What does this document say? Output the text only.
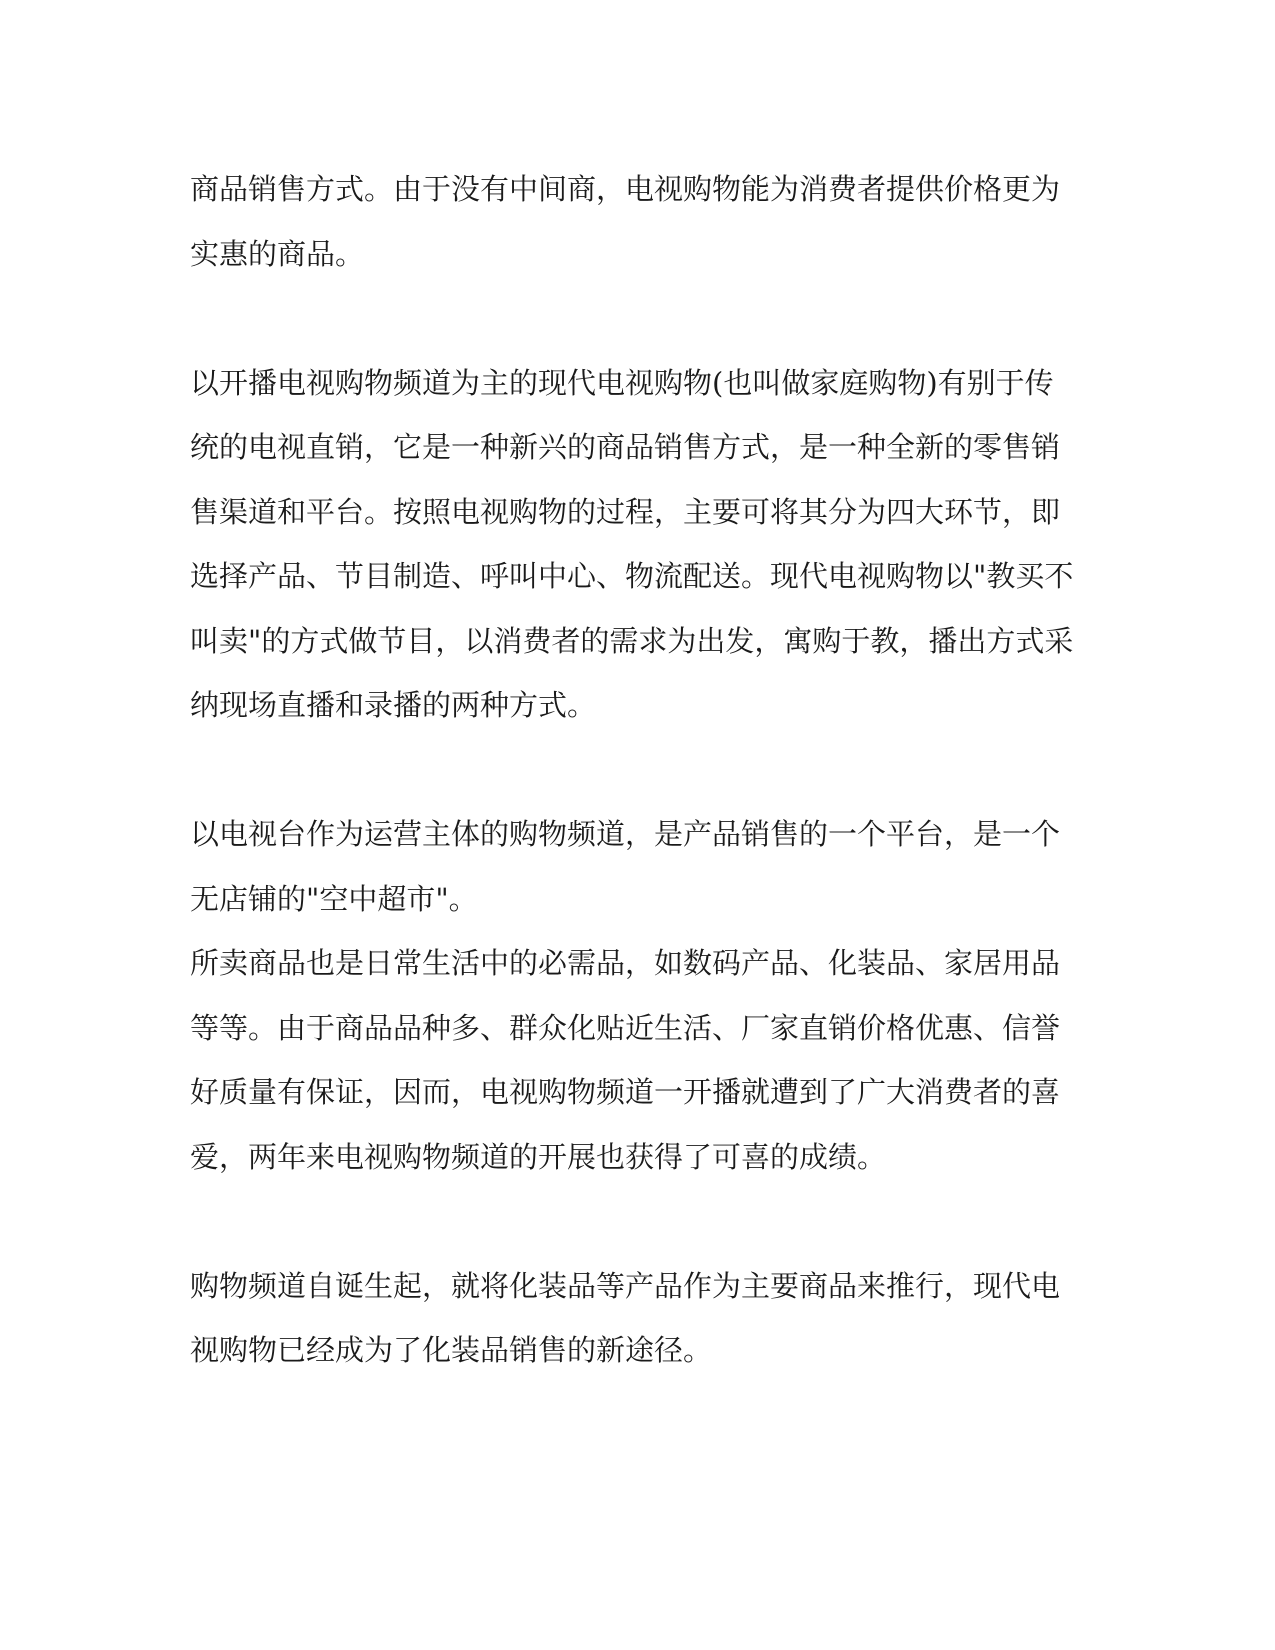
商品销售方式。由于没有中间商，电视购物能为消费者提供价格更为
实惠的商品。
以开播电视购物频道为主的现代电视购物(也叫做家庭购物)有别于传
统的电视直销，它是一种新兴的商品销售方式，是一种全新的零售销
售渠道和平台。按照电视购物的过程，主要可将其分为四大环节，即
选择产品、节目制造、呼叫中心、物流配送。现代电视购物以"教买不
叫卖"的方式做节目，以消费者的需求为出发，寓购于教，播出方式采
纳现场直播和录播的两种方式。
以电视台作为运营主体的购物频道，是产品销售的一个平台，是一个
无店铺的"空中超市"。
所卖商品也是日常生活中的必需品，如数码产品、化装品、家居用品
等等。由于商品品种多、群众化贴近生活、厂家直销价格优惠、信誉
好质量有保证，因而，电视购物频道一开播就遭到了广大消费者的喜
爱，两年来电视购物频道的开展也获得了可喜的成绩。
购物频道自诞生起，就将化装品等产品作为主要商品来推行，现代电
视购物已经成为了化装品销售的新途径。
